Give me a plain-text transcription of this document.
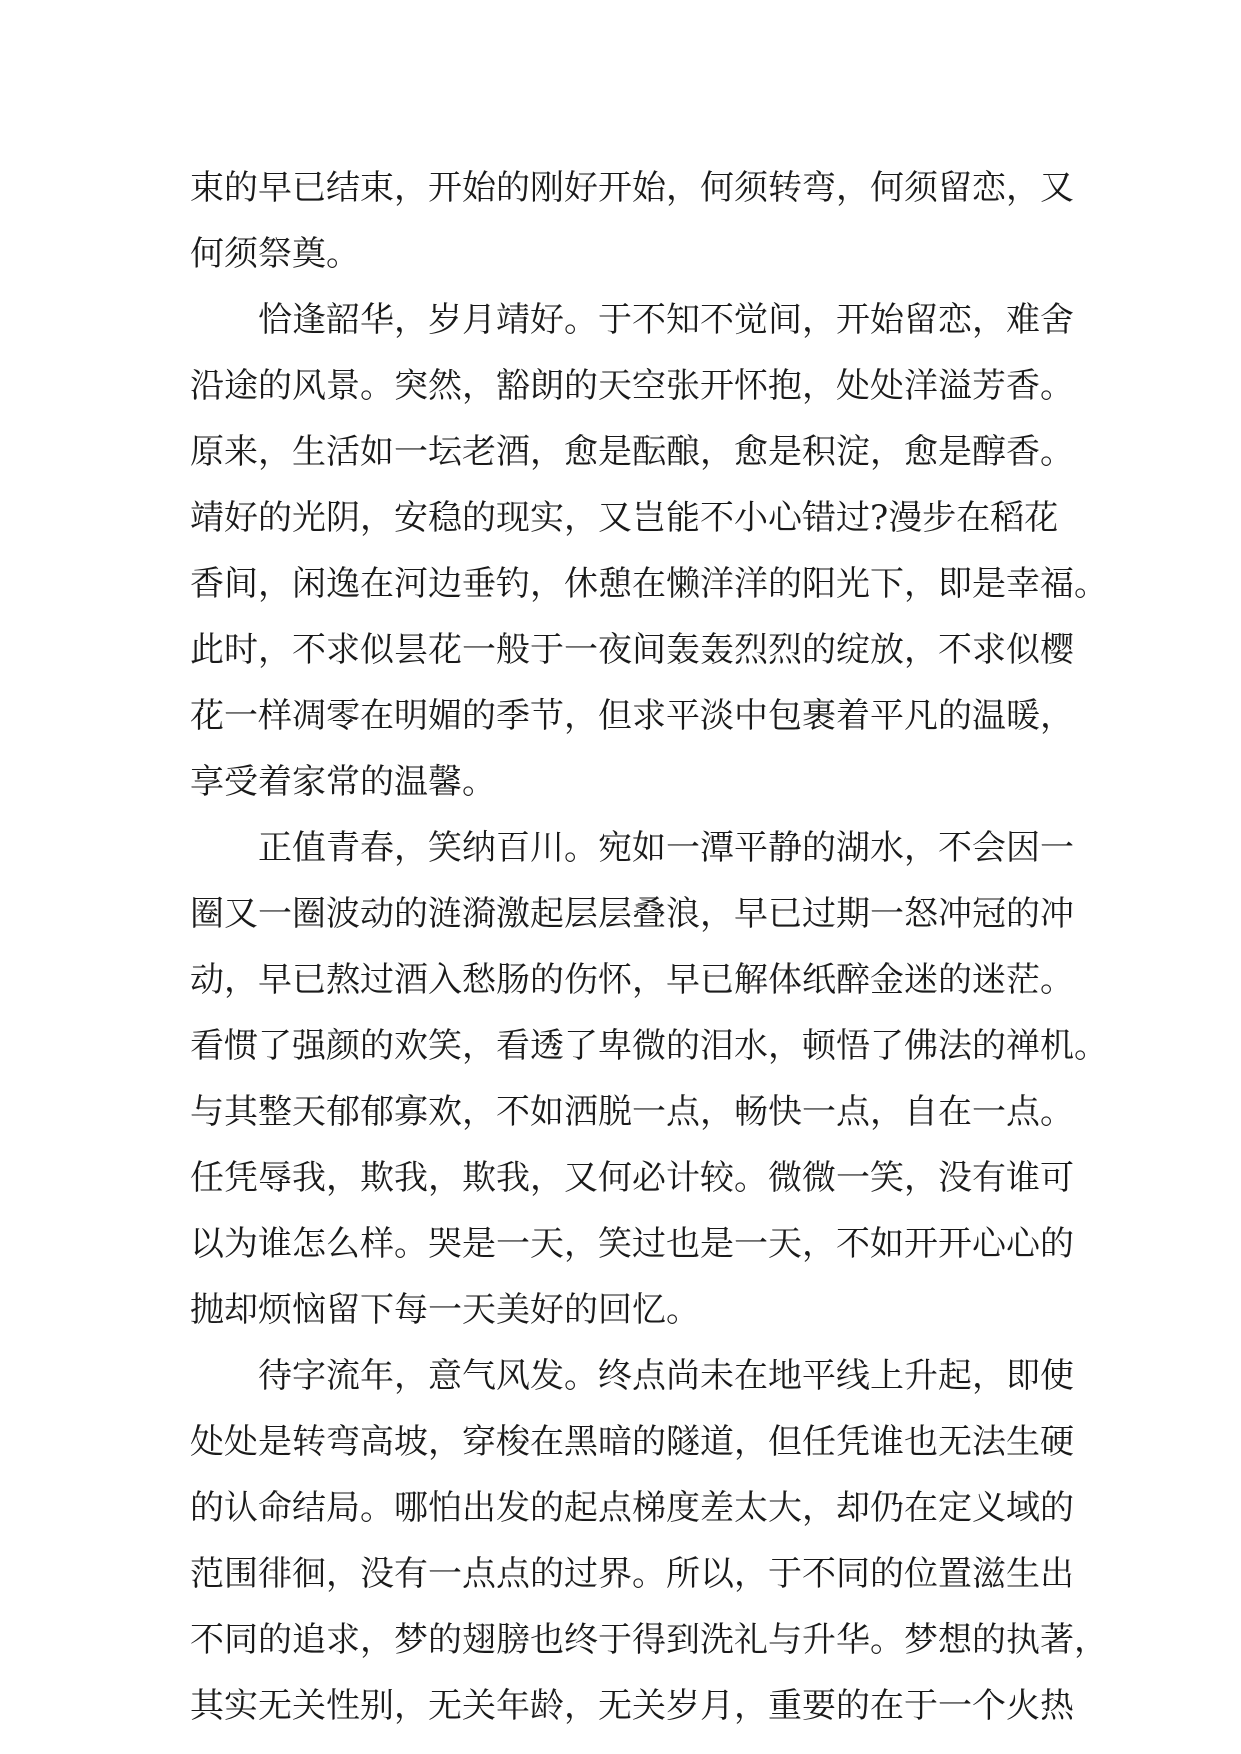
束的早已结束，开始的刚好开始，何须转弯，何须留恋，又
何须祭奠。
恰逢韶华，岁月靖好。于不知不觉间，开始留恋，难舍
沿途的风景。突然，豁朗的天空张开怀抱，处处洋溢芳香。
原来，生活如一坛老酒，愈是酝酿，愈是积淀，愈是醇香。
靖好的光阴，安稳的现实，又岂能不小心错过?漫步在稻花
香间，闲逸在河边垂钓，休憩在懒洋洋的阳光下，即是幸福。
此时，不求似昙花一般于一夜间轰轰烈烈的绽放，不求似樱
花一样凋零在明媚的季节，但求平淡中包裹着平凡的温暖，
享受着家常的温馨。
正值青春，笑纳百川。宛如一潭平静的湖水，不会因一
圈又一圈波动的涟漪激起层层叠浪，早已过期一怒冲冠的冲
动，早已熬过酒入愁肠的伤怀，早已解体纸醉金迷的迷茫。
看惯了强颜的欢笑，看透了卑微的泪水，顿悟了佛法的禅机。
与其整天郁郁寡欢，不如洒脱一点，畅快一点，自在一点。
任凭辱我，欺我，欺我，又何必计较。微微一笑，没有谁可
以为谁怎么样。哭是一天，笑过也是一天，不如开开心心的
抛却烦恼留下每一天美好的回忆。
待字流年，意气风发。终点尚未在地平线上升起，即使
处处是转弯高坡，穿梭在黑暗的隧道，但任凭谁也无法生硬
的认命结局。哪怕出发的起点梯度差太大，却仍在定义域的
范围徘徊，没有一点点的过界。所以，于不同的位置滋生出
不同的追求，梦的翅膀也终于得到洗礼与升华。梦想的执著，
其实无关性别，无关年龄，无关岁月，重要的在于一个火热
